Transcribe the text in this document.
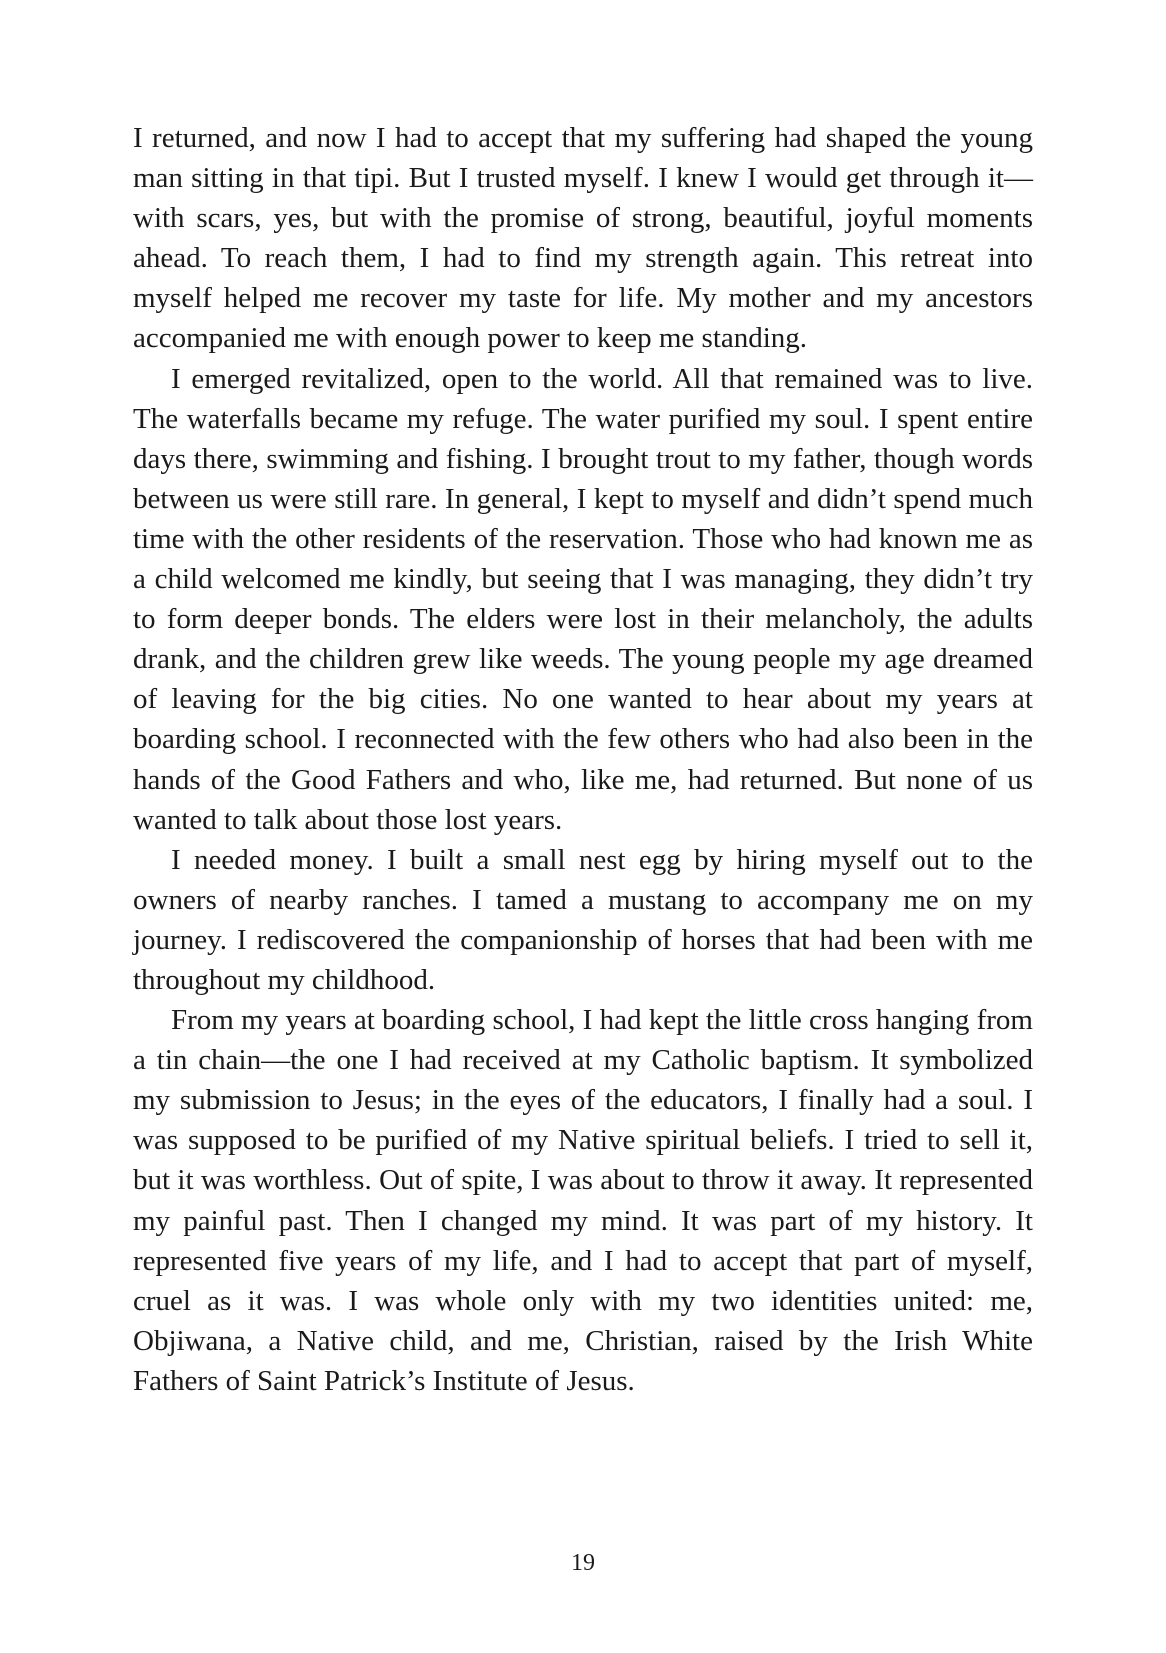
I returned, and now I had to accept that my suffering had shaped the young man sitting in that tipi. But I trusted myself. I knew I would get through it—with scars, yes, but with the promise of strong, beautiful, joyful moments ahead. To reach them, I had to find my strength again. This retreat into myself helped me recover my taste for life. My mother and my ancestors accompanied me with enough power to keep me standing.

I emerged revitalized, open to the world. All that remained was to live. The waterfalls became my refuge. The water purified my soul. I spent entire days there, swimming and fishing. I brought trout to my father, though words between us were still rare. In general, I kept to myself and didn’t spend much time with the other residents of the reservation. Those who had known me as a child welcomed me kindly, but seeing that I was managing, they didn’t try to form deeper bonds. The elders were lost in their melancholy, the adults drank, and the children grew like weeds. The young people my age dreamed of leaving for the big cities. No one wanted to hear about my years at boarding school. I reconnected with the few others who had also been in the hands of the Good Fathers and who, like me, had returned. But none of us wanted to talk about those lost years.

I needed money. I built a small nest egg by hiring myself out to the owners of nearby ranches. I tamed a mustang to accompany me on my journey. I rediscovered the companionship of horses that had been with me throughout my childhood.

From my years at boarding school, I had kept the little cross hanging from a tin chain—the one I had received at my Catholic baptism. It symbolized my submission to Jesus; in the eyes of the educators, I finally had a soul. I was supposed to be purified of my Native spiritual beliefs. I tried to sell it, but it was worthless. Out of spite, I was about to throw it away. It represented my painful past. Then I changed my mind. It was part of my history. It represented five years of my life, and I had to accept that part of myself, cruel as it was. I was whole only with my two identities united: me, Objiwana, a Native child, and me, Christian, raised by the Irish White Fathers of Saint Patrick’s Institute of Jesus.

19
